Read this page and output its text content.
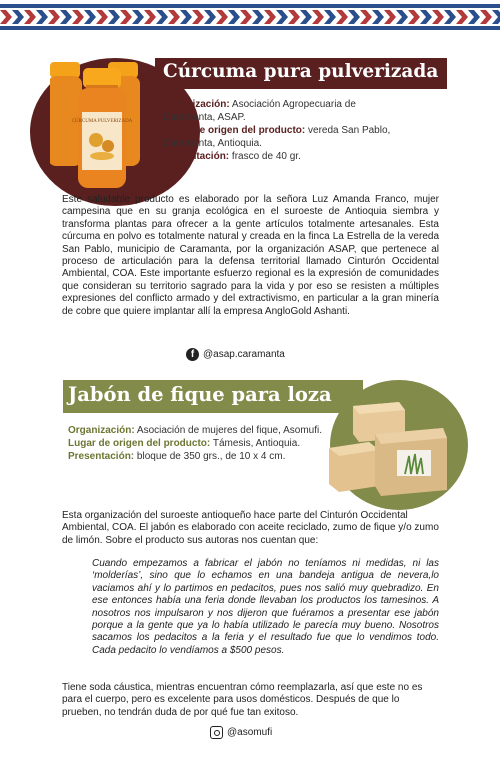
Cúrcuma pura pulverizada
CÚRCUMA PULVERIZADA

Organización: Asociación Agropecuaria de Caramanta, ASAP.

Lugar de origen del producto: vereda San Pablo, Caramanta, Antioquia.

Presentación: frasco de 40 gr.

Este saludable producto es elaborado por la señora Luz Amanda Franco, mujer campesina que en su granja ecológica en el suroeste de Antioquia siembra y transforma plantas para ofrecer a la gente artículos totalmente artesanales. Esta cúrcuma en polvo es totalmente natural y creada en la finca La Estrella de la vereda San Pablo, municipio de Caramanta, por la organización ASAP, que pertenece al proceso de articulación para la defensa territorial llamado Cinturón Occidental Ambiental, COA. Este importante esfuerzo regional es la expresión de comunidades que consideran su territorio sagrado para la vida y por eso se resisten a múltiples expresiones del conflicto armado y del extractivismo, en particular a la gran minería de cobre que quiere implantar allí la empresa AngloGold Ashanti.

f @asap.caramanta
Jabón de fique para loza

Organización: Asociación de mujeres del fique, Asomufi.

Lugar de origen del producto: Támesis, Antioquia.

Presentación: bloque de 350 grs., de 10 x 4 cm.

Esta organización del suroeste antioqueño hace parte del Cinturón Occidental Ambiental, COA. El jabón es elaborado con aceite reciclado, zumo de fique y/o zumo de limón. Sobre el producto sus autoras nos cuentan que:

Cuando empezamos a fabricar el jabón no teníamos ni medidas, ni las ‘molderías’, sino que lo echamos en una bandeja antigua de nevera,lo vaciamos ahí y lo partimos en pedacitos, pues nos salió muy quebradizo. En ese entonces había una feria donde llevaban los productos los tamesinos. A nosotros nos impulsaron y nos dijeron que fuéramos a presentar ese jabón porque a la gente que ya lo había utilizado le parecía muy bueno. Nosotros sacamos los pedacitos a la feria y el resultado fue que lo vendimos todo. Cada pedacito lo vendíamos a $500 pesos.

Tiene soda cáustica, mientras encuentran cómo reemplazarla, así que este no es para el cuerpo, pero es excelente para usos domésticos. Después de que lo prueben, no tendrán duda de por qué fue tan exitoso.

@asomufi
